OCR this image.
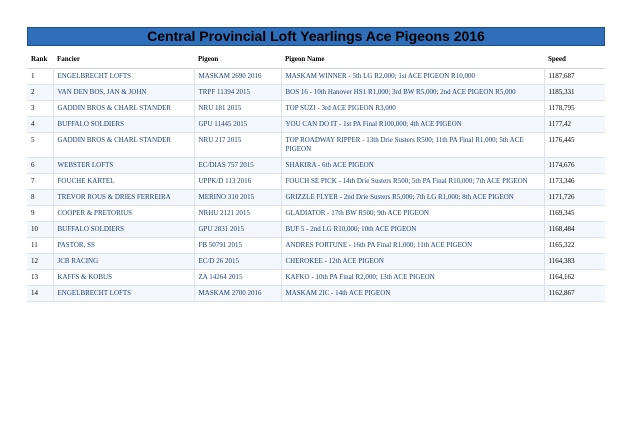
Central Provincial Loft Yearlings Ace Pigeons 2016
Rank	Fancier	Pigeon	Pigeon Name	Speed
1	ENGELBRECHT LOFTS	MASKAM 2690 2016	MASKAM WINNER - 5th LG R2,000; 1st ACE PIGEON R10,000	1187,687
2	VAN DEN BOS, JAN & JOHN	TRPF 11394 2015	BOS 16 - 10th Hanover HS1 R1,000; 3rd BW R5,000; 2nd ACE PIGEON R5,000	1185,331
3	GADDIN BROS & CHARL STANDER	NRU 181 2015	TOP SUZI - 3rd ACE PIGEON R3,000	1178,795
4	BUFFALO SOLDIERS	GPU 11445 2015	YOU CAN DO IT - 1st PA Final R100,000; 4th ACE PIGEON	1177,42
5	GADDIN BROS & CHARL STANDER	NRU 217 2015	TOP ROADWAY RIPPER - 13th Drie Susters R500; 11th PA Final R1,000; 5th ACE PIGEON	1176,445
6	WEBSTER LOFTS	EC/DIAS 757 2015	SHAKIRA - 6th ACE PIGEON	1174,676
7	FOUCHE KARTEL	UPPK/D 113 2016	FOUCH SE PICK - 14th Drie Susters R500; 5th PA Final R10,000; 7th ACE PIGEON	1173,346
8	TREVOR ROUS & DRIES FERREIRA	MERINO 310 2015	GRIZZLE FLYER - 2nd Drie Susters R5,000; 7th LG R1,000; 8th ACE PIGEON	1171,726
9	COOPER & PRETORIUS	NRHU 2121 2015	GLADIATOR - 17th BW R500; 9th ACE PIGEON	1169,345
10	BUFFALO SOLDIERS	GPU 2831 2015	BUF 5 - 2nd LG R10,000; 10th ACE PIGEON	1168,484
11	PASTOR, SS	FB 50791 2015	ANDRES FORTUNE - 16th PA Final R1,000; 11th ACE PIGEON	1165,322
12	JCB RACING	EC/D 26 2015	CHEROKEE - 12th ACE PIGEON	1164,383
13	KAFFS & KOBUS	ZA 14264 2015	KAFKO - 10th PA Final R2,000; 13th ACE PIGEON	1164,162
14	ENGELBRECHT LOFTS	MASKAM 2700 2016	MASKAM 2IC - 14th ACE PIGEON	1162,867
